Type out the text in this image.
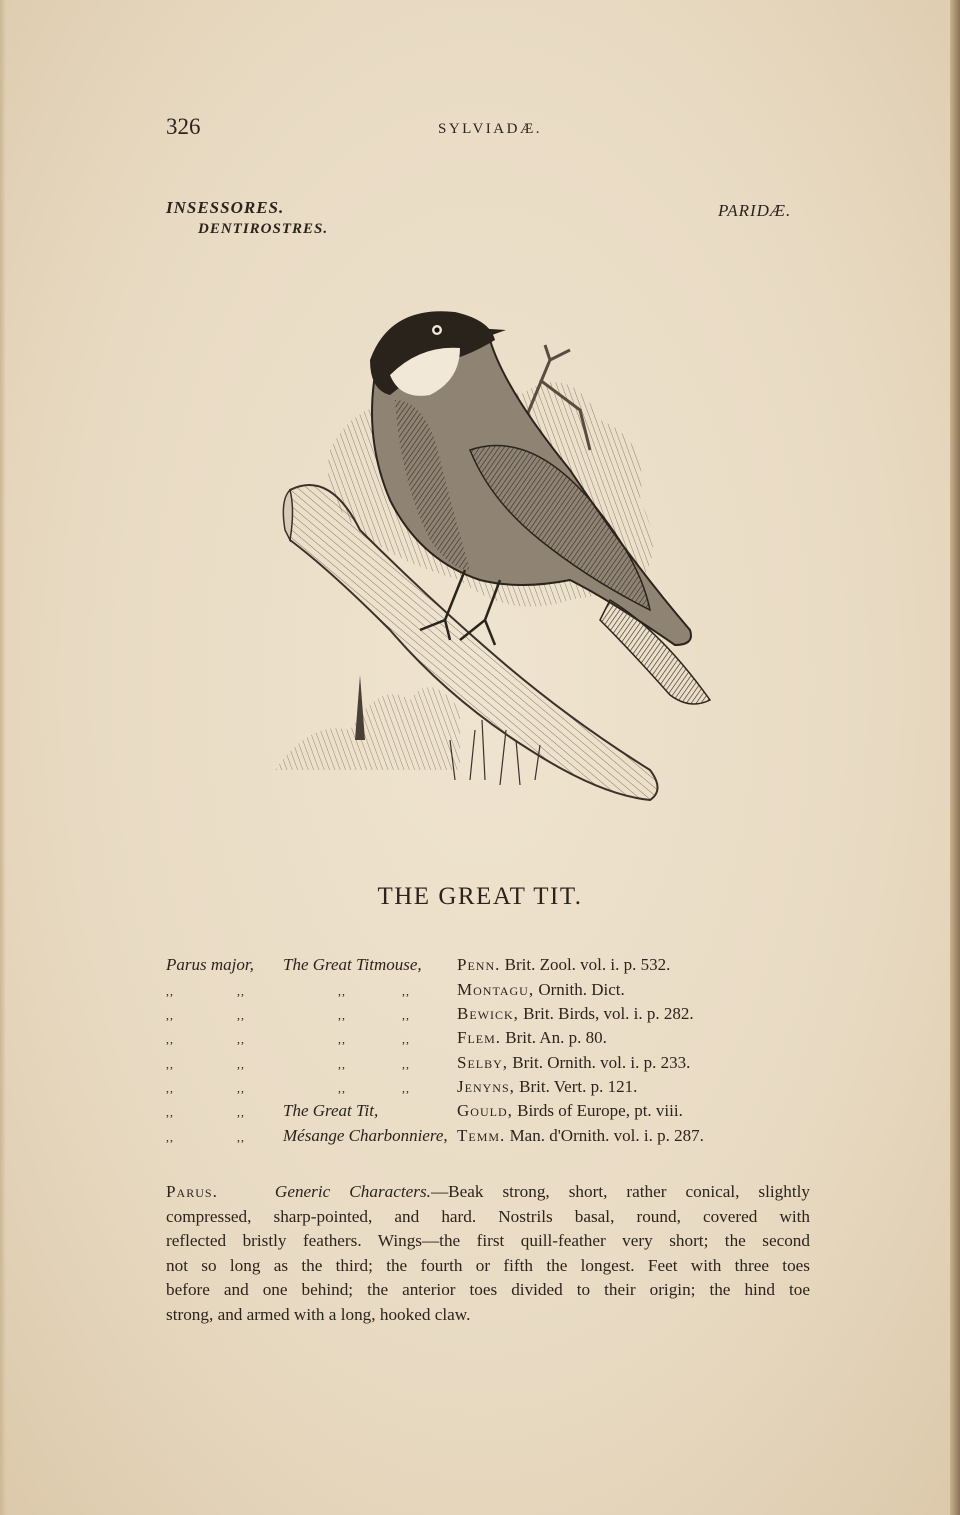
326	SYLVIADÆ.
INSESSORES.
DENTIROSTRES.
PARIDÆ.
THE GREAT TIT.
Parus major, The Great Titmouse, Penn. Brit. Zool. vol. i. p. 532.
,,	,,	,,	,,	Montagu, Ornith. Dict.
,,	,,	,,	,,	Bewick, Brit. Birds, vol. i. p. 282.
,,	,,	,,	,,	Flem. Brit. An. p. 80.
,,	,,	,,	,,	Selby, Brit. Ornith. vol. i. p. 233.
,,	,,	,,	,,	Jenyns, Brit. Vert. p. 121.
,,	,, The Great Tit,	Gould, Birds of Europe, pt. viii.
,,	,, Mésange Charbonniere, Temm. Man. d'Ornith. vol. i. p. 287.
Parus.	Generic Characters.—Beak strong, short, rather conical, slightly
compressed, sharp-pointed, and hard. Nostrils basal, round, covered with
reflected bristly feathers. Wings—the first quill-feather very short; the second
not so long as the third; the fourth or fifth the longest. Feet with three toes
before and one behind; the anterior toes divided to their origin; the hind toe
strong, and armed with a long, hooked claw.
